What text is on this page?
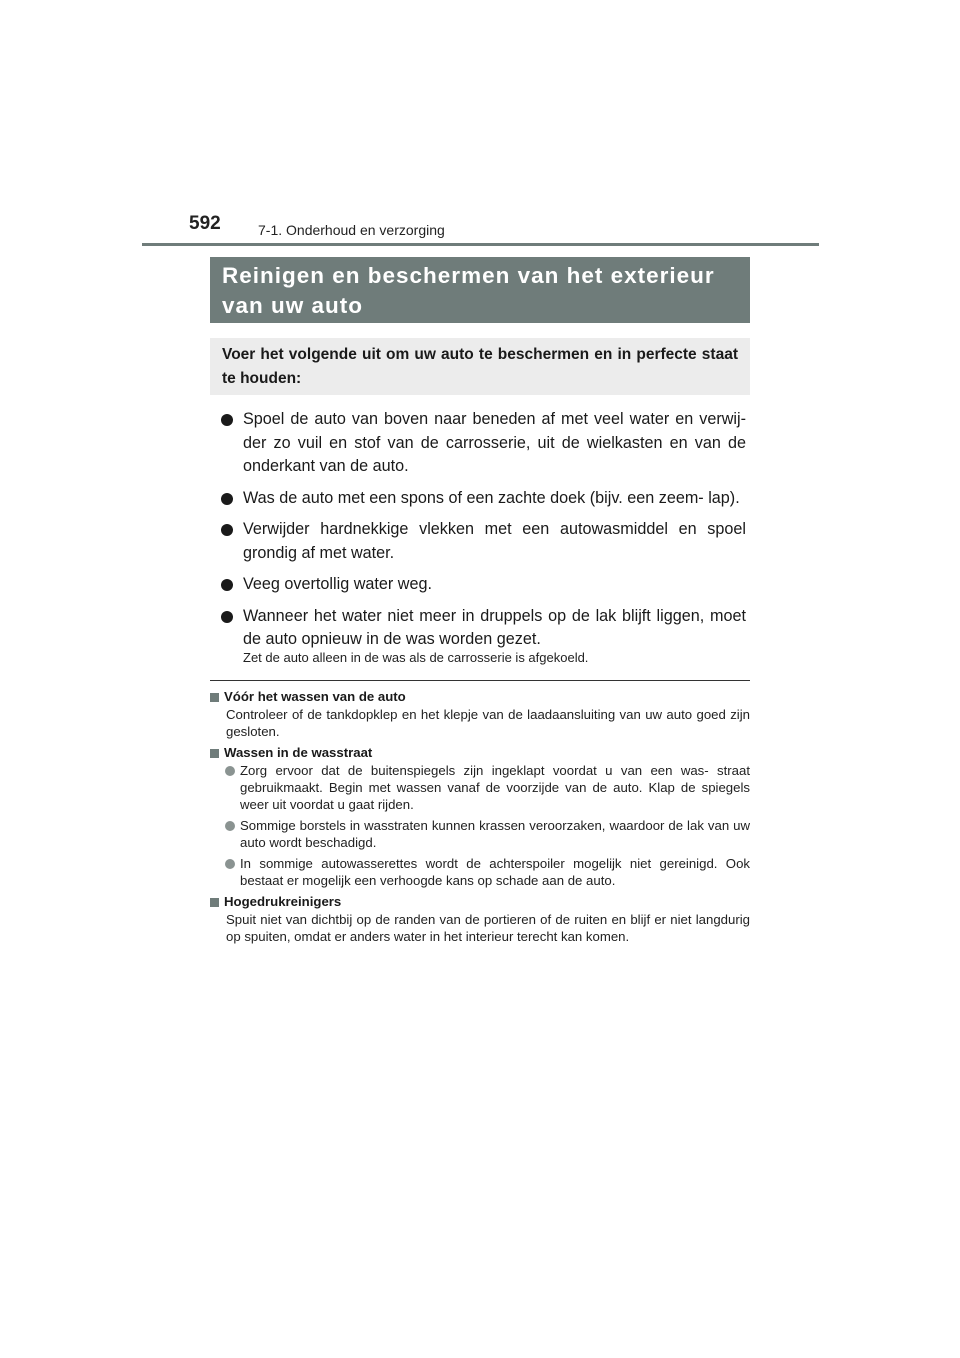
592	7-1. Onderhoud en verzorging
Reinigen en beschermen van het exterieur van uw auto

Voer het volgende uit om uw auto te beschermen en in perfecte staat te houden:

Spoel de auto van boven naar beneden af met veel water en verwij- der zo vuil en stof van de carrosserie, uit de wielkasten en van de onderkant van de auto.
Was de auto met een spons of een zachte doek (bijv. een zeem- lap).
Verwijder hardnekkige vlekken met een autowasmiddel en spoel grondig af met water.
Veeg overtollig water weg.
Wanneer het water niet meer in druppels op de lak blijft liggen, moet de auto opnieuw in de was worden gezet.
Zet de auto alleen in de was als de carrosserie is afgekoeld.
Vóór het wassen van de auto

Controleer of de tankdopklep en het klepje van de laadaansluiting van uw auto goed zijn gesloten.

Wassen in de wasstraat
Zorg ervoor dat de buitenspiegels zijn ingeklapt voordat u van een was- straat gebruikmaakt. Begin met wassen vanaf de voorzijde van de auto. Klap de spiegels weer uit voordat u gaat rijden.
Sommige borstels in wasstraten kunnen krassen veroorzaken, waardoor de lak van uw auto wordt beschadigd.
In sommige autowasserettes wordt de achterspoiler mogelijk niet gereinigd. Ook bestaat er mogelijk een verhoogde kans op schade aan de auto.
Hogedrukreinigers

Spuit niet van dichtbij op de randen van de portieren of de ruiten en blijf er niet langdurig op spuiten, omdat er anders water in het interieur terecht kan komen.
